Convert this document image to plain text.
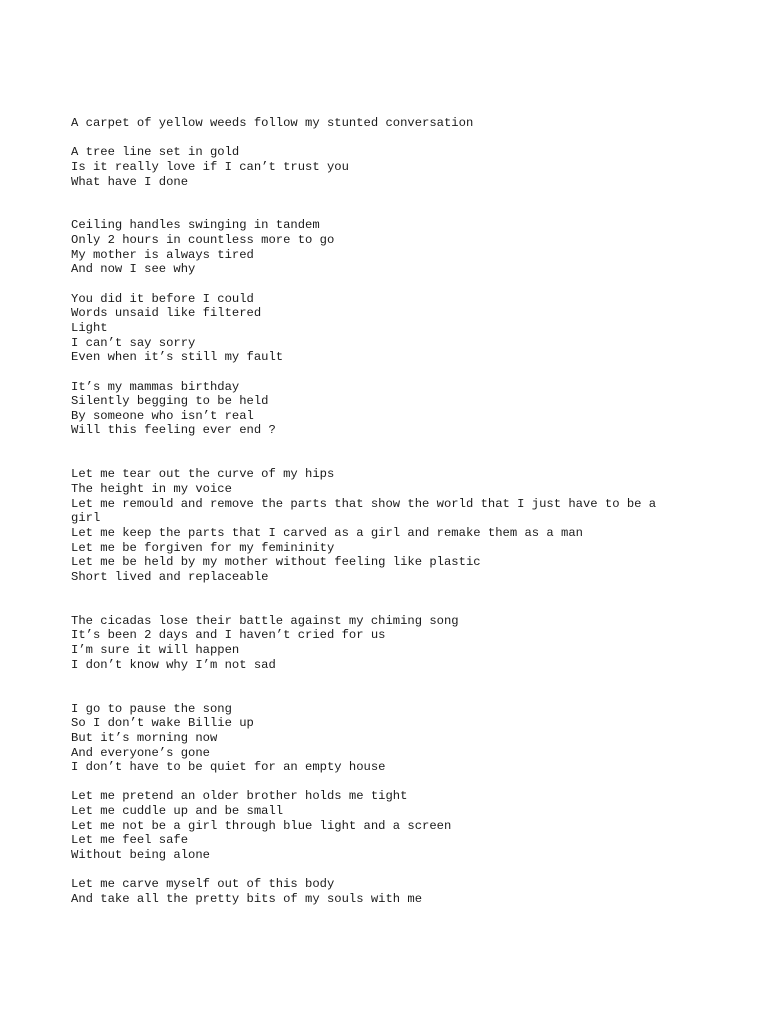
A carpet of yellow weeds follow my stunted conversation
A tree line set in gold
Is it really love if I can’t trust you
What have I done
Ceiling handles swinging in tandem
Only 2 hours in countless more to go
My mother is always tired
And now I see why
You did it before I could
Words unsaid like filtered
Light
I can’t say sorry
Even when it’s still my fault
It’s my mammas birthday
Silently begging to be held
By someone who isn’t real
Will this feeling ever end ?
Let me tear out the curve of my hips
The height in my voice
Let me remould and remove the parts that show the world that I just have to be a
girl
Let me keep the parts that I carved as a girl and remake them as a man
Let me be forgiven for my femininity
Let me be held by my mother without feeling like plastic
Short lived and replaceable
The cicadas lose their battle against my chiming song
It’s been 2 days and I haven’t cried for us
I’m sure it will happen
I don’t know why I’m not sad
I go to pause the song
So I don’t wake Billie up
But it’s morning now
And everyone’s gone
I don’t have to be quiet for an empty house
Let me pretend an older brother holds me tight
Let me cuddle up and be small
Let me not be a girl through blue light and a screen
Let me feel safe
Without being alone
Let me carve myself out of this body
And take all the pretty bits of my souls with me
